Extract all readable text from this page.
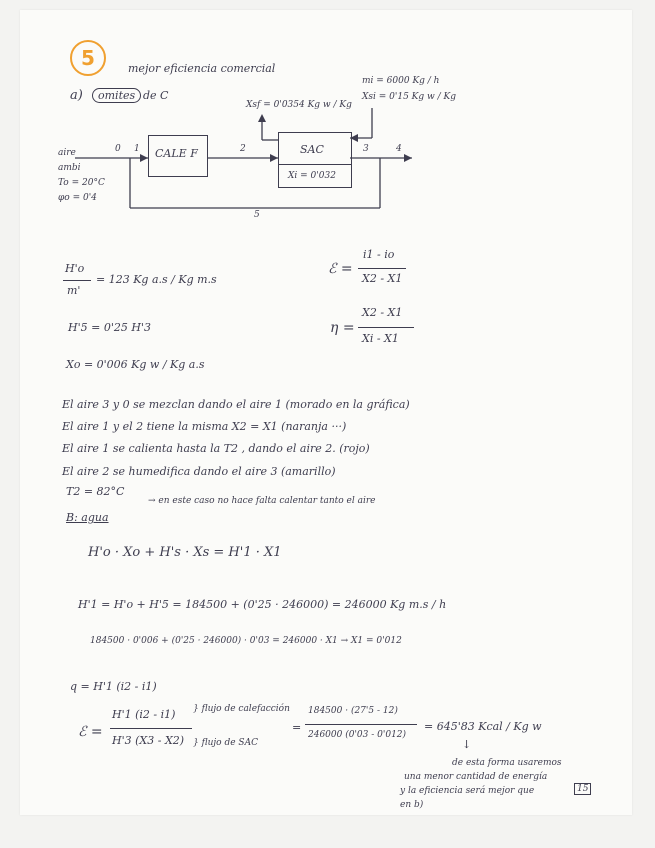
5	mejor eficiencia comercial
a)	omites de C
mi = 6000 Kg / h
Xsi = 0'15 Kg w / Kg
Xsf = 0'0354 Kg w / Kg
CALE F	SAC
Xi = 0'032
0 1	2	3	4
5
aire
ambi
To = 20°C
φo = 0'4
H'o
m'
= 123 Kg a.s / Kg m.s
ℰ =
i1 - io
X2 - X1
H'5 = 0'25 H'3	η =
X2 - X1
Xi - X1
Xo = 0'006 Kg w / Kg a.s
El aire 3 y 0 se mezclan dando el aire 1 (morado en la gráfica)
El aire 1 y el 2 tiene la misma X2 = X1 (naranja ···)
El aire 1 se calienta hasta la T2 , dando el aire 2. (rojo)
El aire 2 se humedifica dando el aire 3 (amarillo)
T2 = 82°C
→ en este caso no hace falta calentar tanto el aire
B: agua
H'o · Xo + H's · Xs = H'1 · X1
H'1 = H'o + H'5 = 184500 + (0'25 · 246000) = 246000 Kg m.s / h
184500 · 0'006 + (0'25 · 246000) · 0'03 = 246000 · X1 → X1 = 0'012
q = H'1 (i2 - i1)
ℰ =
H'1 (i2 - i1) } flujo de calefacción
H'3 (X3 - X2) } flujo de SAC
=
184500 · (27'5 - 12)
246000 (0'03 - 0'012)
= 645'83 Kcal / Kg w
↓
de esta forma usaremos
una menor cantidad de energía
y la eficiencia será mejor que
en b)
15
